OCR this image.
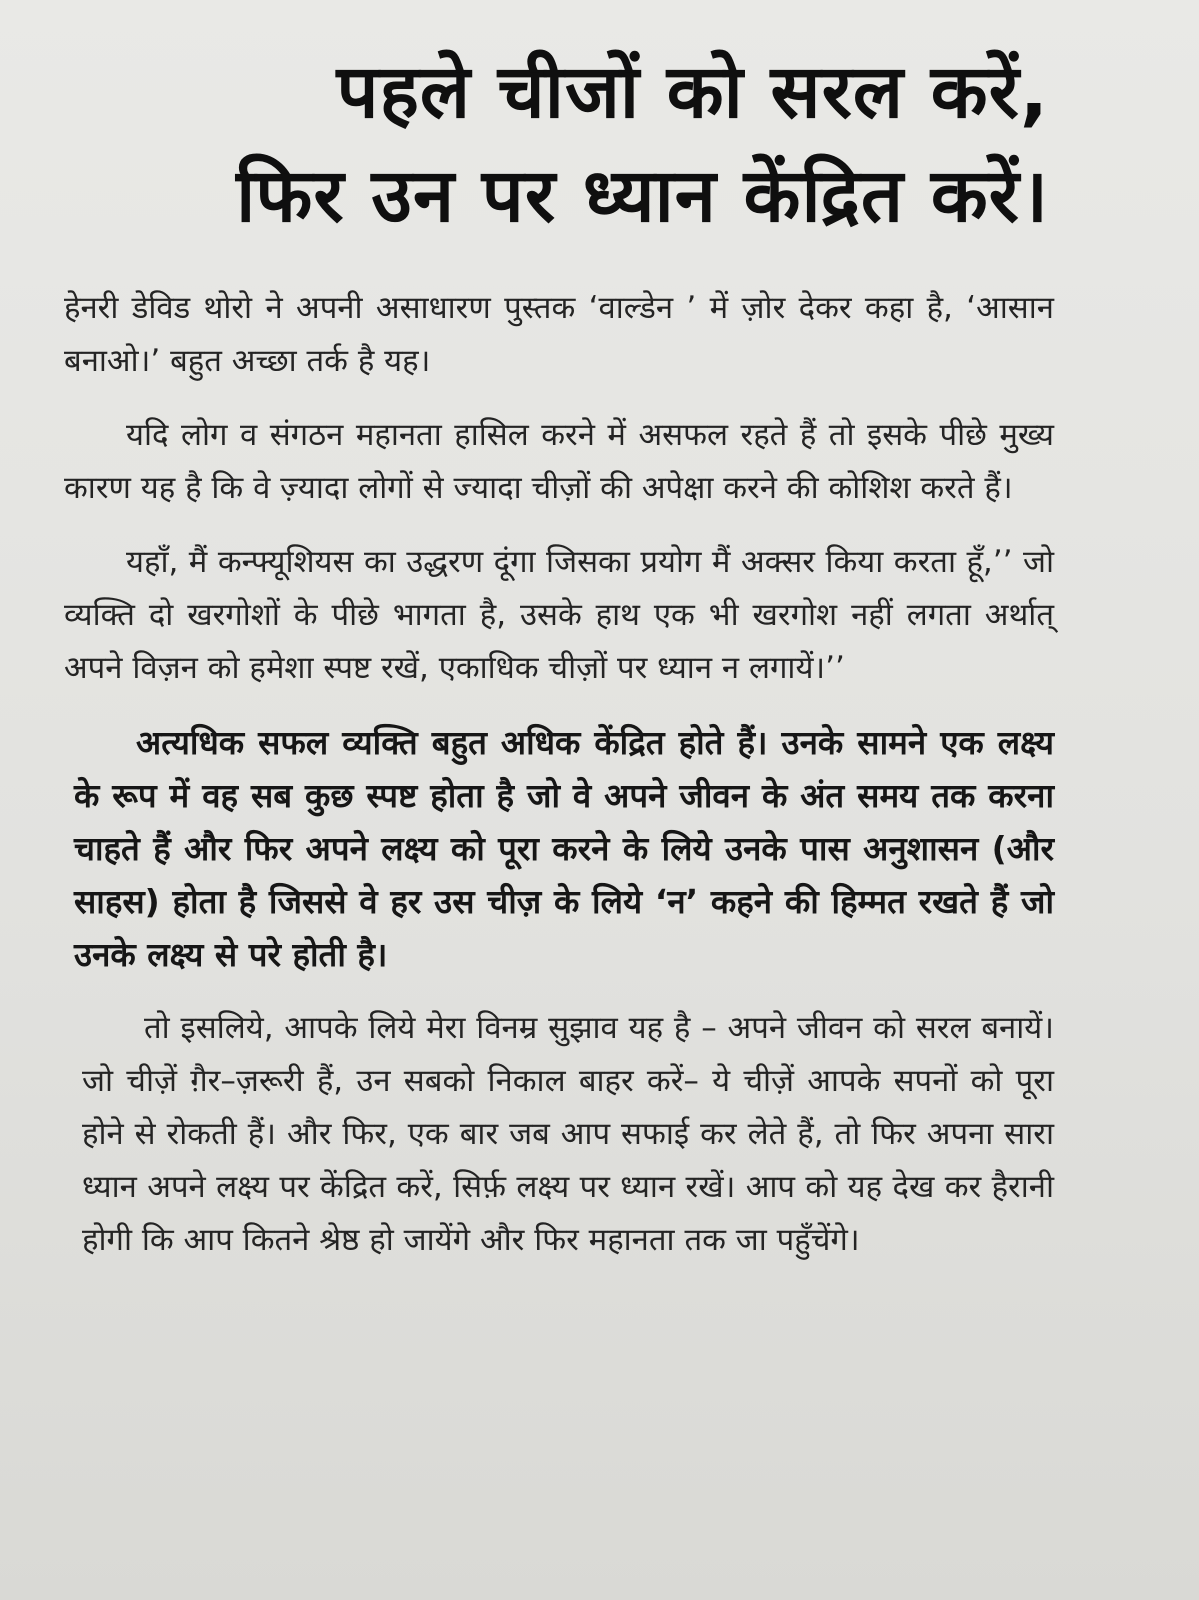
पहले चीजों को सरल करें,
फिर उन पर ध्यान केंद्रित करें।

हेनरी डेविड थोरो ने अपनी असाधारण पुस्तक ‘वाल्डेन ’ में ज़ोर देकर कहा है, ‘आसान बनाओ।’ बहुत अच्छा तर्क है यह।

यदि लोग व संगठन महानता हासिल करने में असफल रहते हैं तो इसके पीछे मुख्य कारण यह है कि वे ज़्यादा लोगों से ज्यादा चीज़ों की अपेक्षा करने की कोशिश करते हैं।

यहाँ, मैं कन्फ्यूशियस का उद्धरण दूंगा जिसका प्रयोग मैं अक्सर किया करता हूँ,’’ जो व्यक्ति दो खरगोशों के पीछे भागता है, उसके हाथ एक भी खरगोश नहीं लगता अर्थात् अपने विज़न को हमेशा स्पष्ट रखें, एकाधिक चीज़ों पर ध्यान न लगायें।’’

अत्यधिक सफल व्यक्ति बहुत अधिक केंद्रित होते हैं। उनके सामने एक लक्ष्य के रूप में वह सब कुछ स्पष्ट होता है जो वे अपने जीवन के अंत समय तक करना चाहते हैं और फिर अपने लक्ष्य को पूरा करने के लिये उनके पास अनुशासन (और साहस) होता है जिससे वे हर उस चीज़ के लिये ‘न’ कहने की हिम्मत रखते हैं जो उनके लक्ष्य से परे होती है।

तो इसलिये, आपके लिये मेरा विनम्र सुझाव यह है – अपने जीवन को सरल बनायें। जो चीज़ें ग़ैर–ज़रूरी हैं, उन सबको निकाल बाहर करें– ये चीज़ें आपके सपनों को पूरा होने से रोकती हैं। और फिर, एक बार जब आप सफाई कर लेते हैं, तो फिर अपना सारा ध्यान अपने लक्ष्य पर केंद्रित करें, सिर्फ़ लक्ष्य पर ध्यान रखें। आप को यह देख कर हैरानी होगी कि आप कितने श्रेष्ठ हो जायेंगे और फिर महानता तक जा पहुँचेंगे।
